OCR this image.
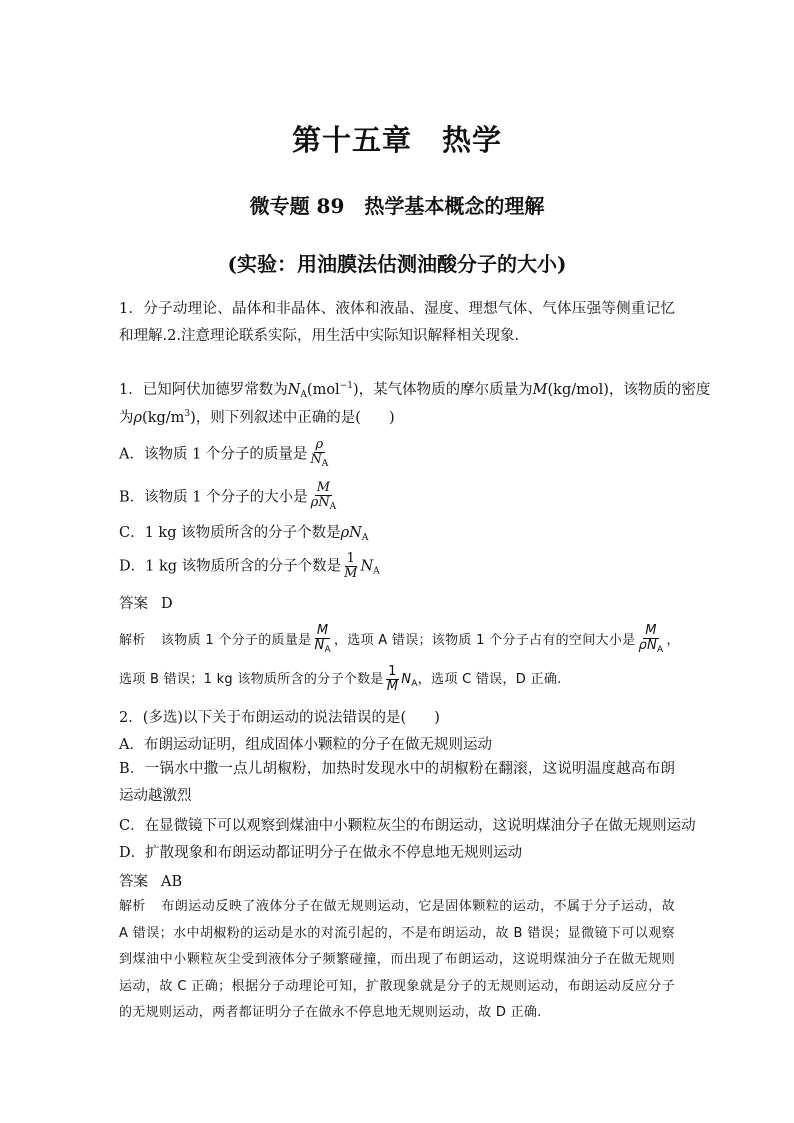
第十五章 热学
微专题 89 热学基本概念的理解
(实验：用油膜法估测油酸分子的大小)

1．分子动理论、晶体和非晶体、液体和液晶、湿度、理想气体、气体压强等侧重记忆和理解.2.注意理论联系实际，用生活中实际知识解释相关现象.

1．已知阿伏加德罗常数为$N_A(mol^{-1})$，某气体物质的摩尔质量为M(kg/mol)，该物质的密度

为$\rho(kg/m^3)$，则下列叙述中正确的是( )

A．该物质 1 个分子的质量是 $\frac{\rho}{N_A}$

B．该物质 1 个分子的大小是 $\frac{M}{\rho N_A}$

C．1 kg 该物质所含的分子个数是$\rho N_A$

D．1 kg 该物质所含的分子个数是 $\frac{1}{M} N_A$

答案 D

解析 该物质 1 个分子的质量是 $\frac{M}{N_A}$ ，选项 A 错误；该物质 1 个分子占有的空间大小是 $\frac{M}{\rho N_A}$ ，

选项 B 错误；1 kg 该物质所含的分子个数是 $\frac{1}{M} N_A$，选项 C 错误，D 正确.

2．(多选)以下关于布朗运动的说法错误的是( )

A．布朗运动证明，组成固体小颗粒的分子在做无规则运动

B．一锅水中撒一点儿胡椒粉，加热时发现水中的胡椒粉在翻滚，这说明温度越高布朗运动越激烈

C．在显微镜下可以观察到煤油中小颗粒灰尘的布朗运动，这说明煤油分子在做无规则运动

D．扩散现象和布朗运动都证明分子在做永不停息地无规则运动

答案 AB

解析 布朗运动反映了液体分子在做无规则运动，它是固体颗粒的运动，不属于分子运动，故 A 错误；水中胡椒粉的运动是水的对流引起的，不是布朗运动，故 B 错误；显微镜下可以观察到煤油中小颗粒灰尘受到液体分子频繁碰撞，而出现了布朗运动，这说明煤油分子在做无规则运动，故 C 正确；根据分子动理论可知，扩散现象就是分子的无规则运动，布朗运动反应分子的无规则运动，两者都证明分子在做永不停息地无规则运动，故 D 正确.
